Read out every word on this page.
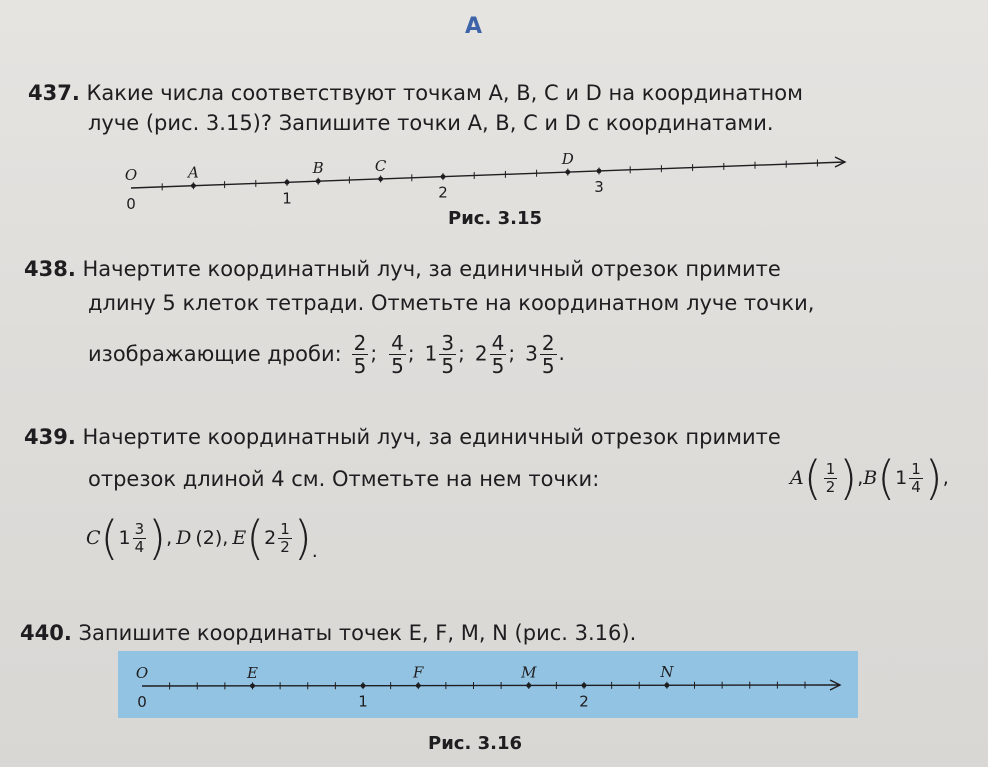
А
437. Какие числа соответствуют точкам A, B, C и D на координатном
луче (рис. 3.15)? Запишите точки A, B, C и D с координатами.
0	1	2	3
O	A	B	C	D
Рис. 3.15
438. Начертите координатный луч, за единичный отрезок примите
длину 5 клеток тетради. Отметьте на координатном луче точки,
изображающие дроби: $\frac{2}{5}$ ; $\frac{4}{5}$ ; $1 \frac{3}{5}$ ; $2 \frac{4}{5}$ ; $3 \frac{2}{5}$ .
439. Начертите координатный луч, за единичный отрезок примите
отрезок длиной 4 см. Отметьте на нем точки:	A ( $\frac{1}{2}$ ) , B ( $1 \frac{1}{4}$ ) ,
C ( $1 \frac{3}{4}$ ) , D (2) , E ( $2 \frac{1}{2}$ ) .
440. Запишите координаты точек E, F, M, N (рис. 3.16).
0	1	2
O	E	F	M	N
Рис. 3.16
